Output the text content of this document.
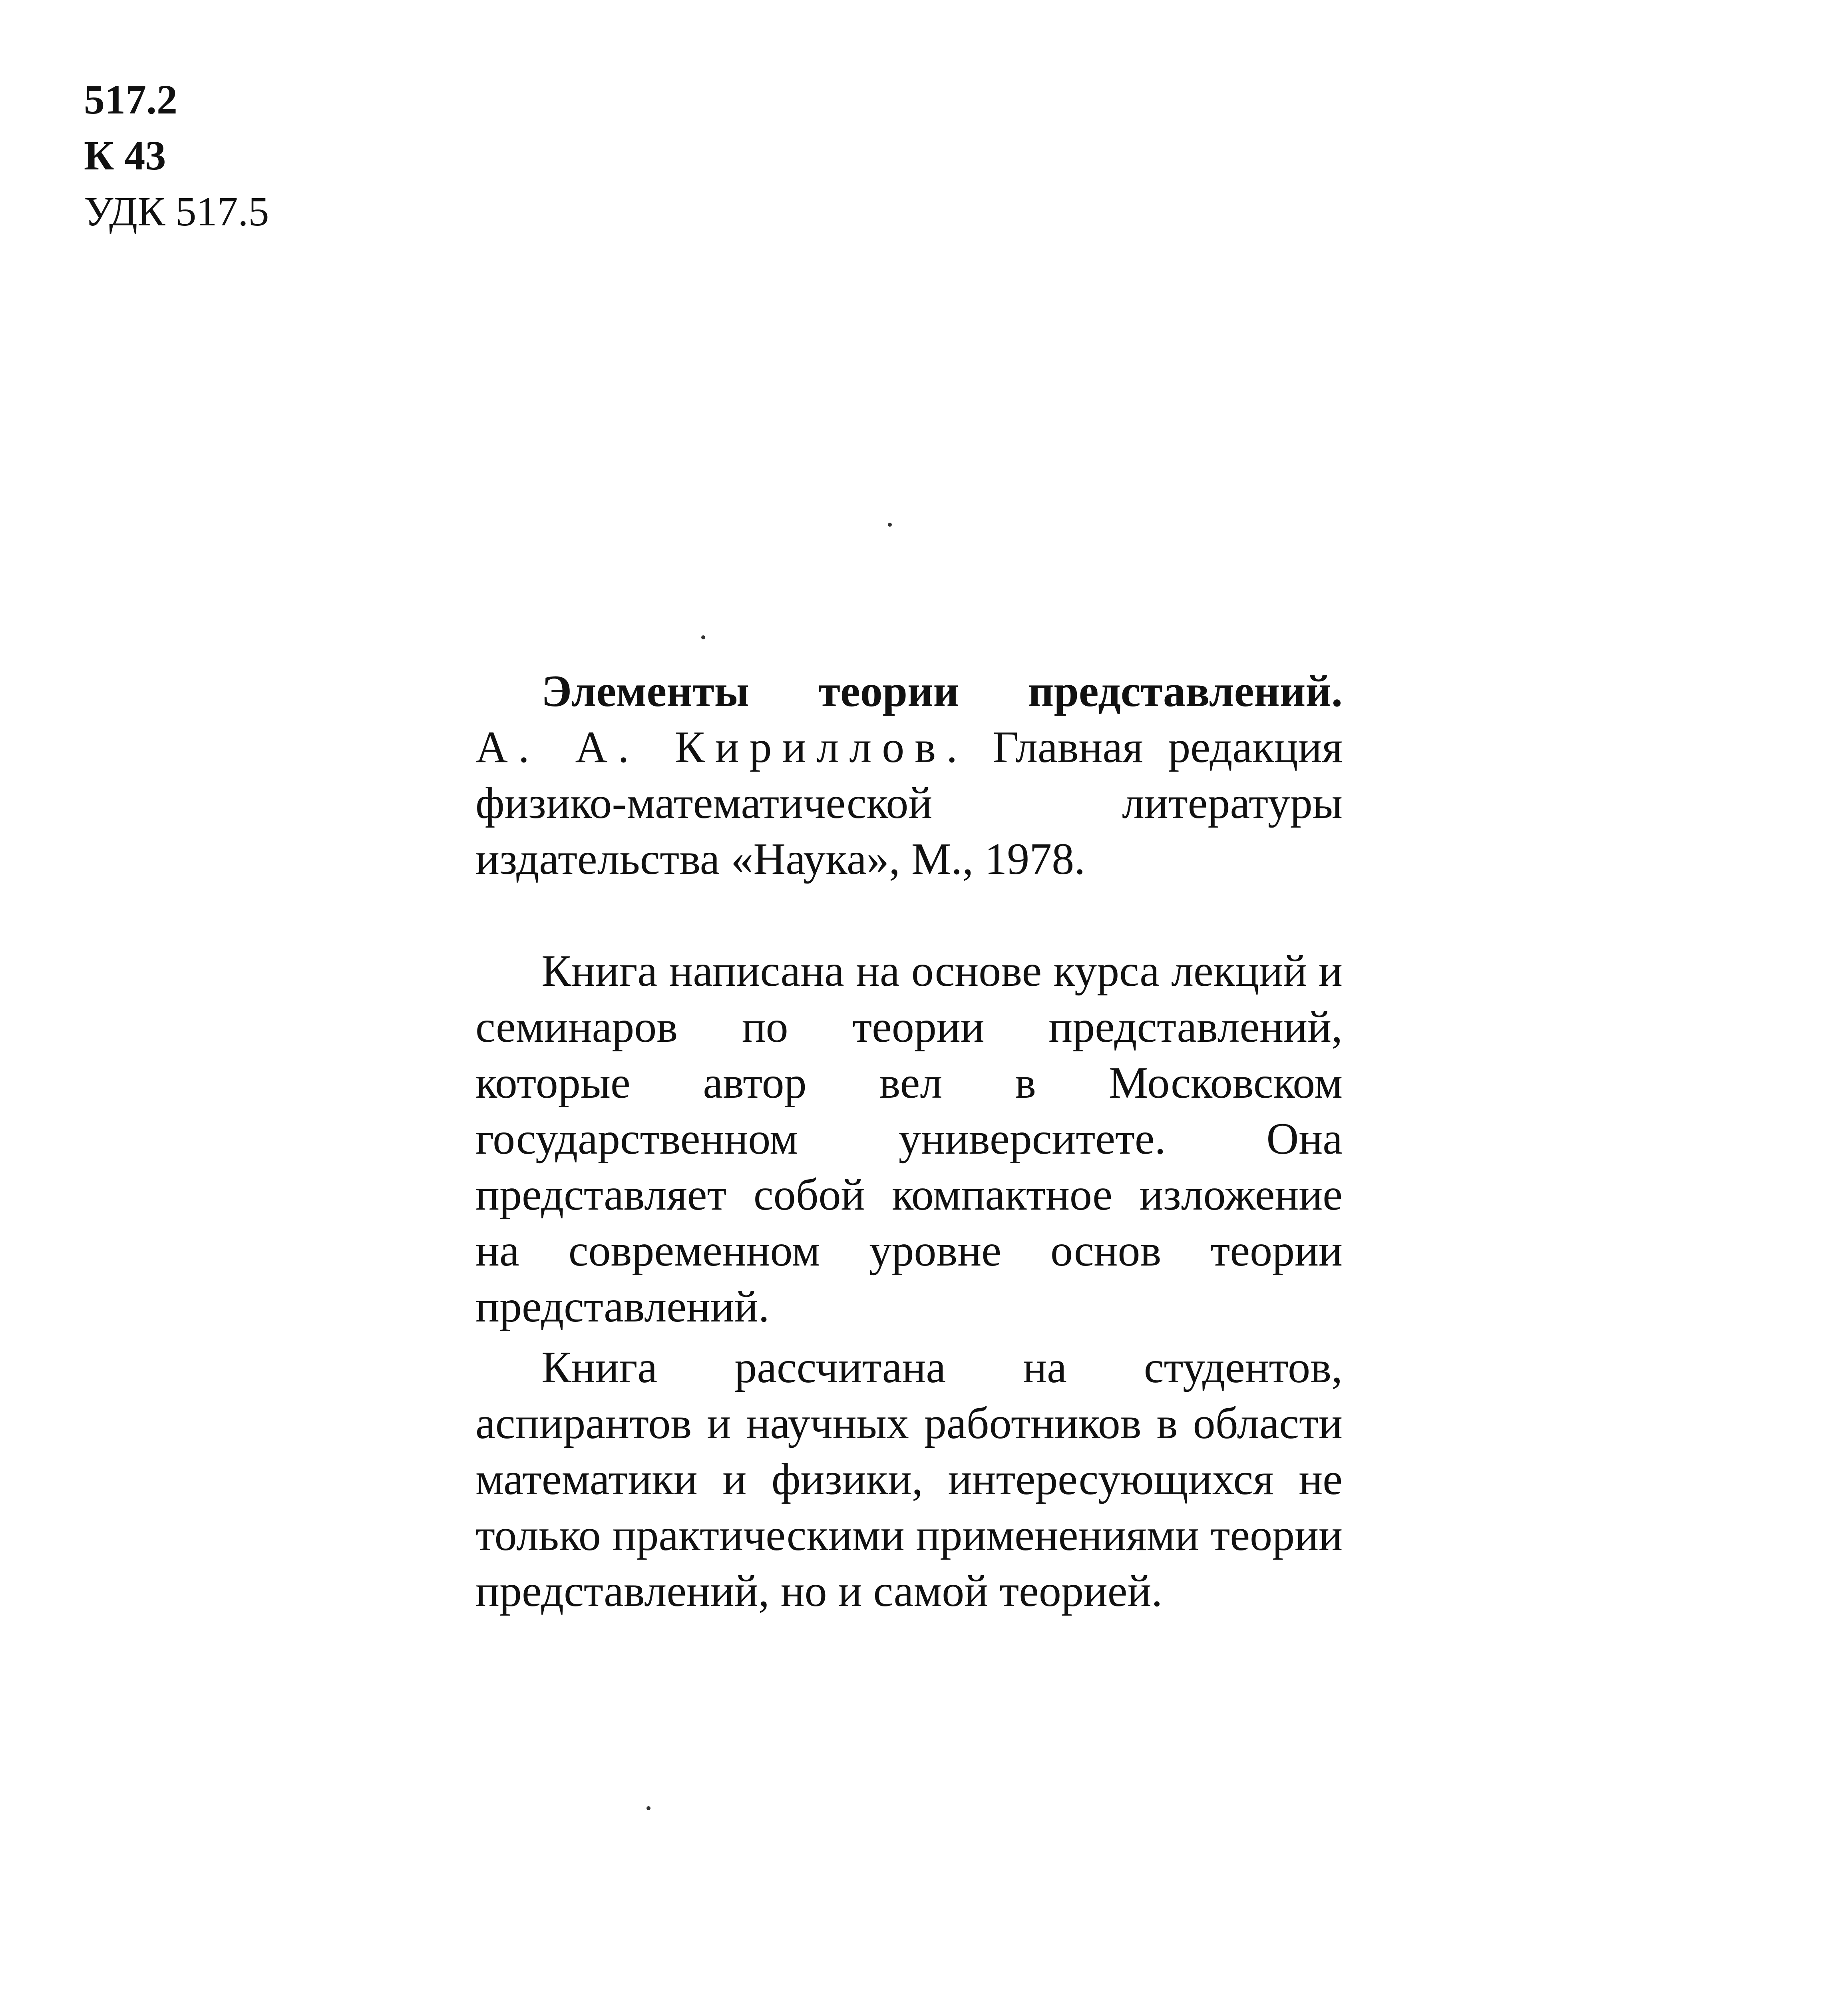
517.2
К 43
УДК 517.5

Элементы теории представлений. А. А. Кириллов. Главная редакция физико-математической литературы издательства «Наука», М., 1978.

Книга написана на основе курса лекций и семинаров по теории представлений, которые автор вел в Московском государственном университете. Она представляет собой компактное изложение на современном уровне основ теории представлений.

Книга рассчитана на студентов, аспирантов и научных работников в области математики и физики, интересующихся не только практическими применениями теории представлений, но и самой теорией.
